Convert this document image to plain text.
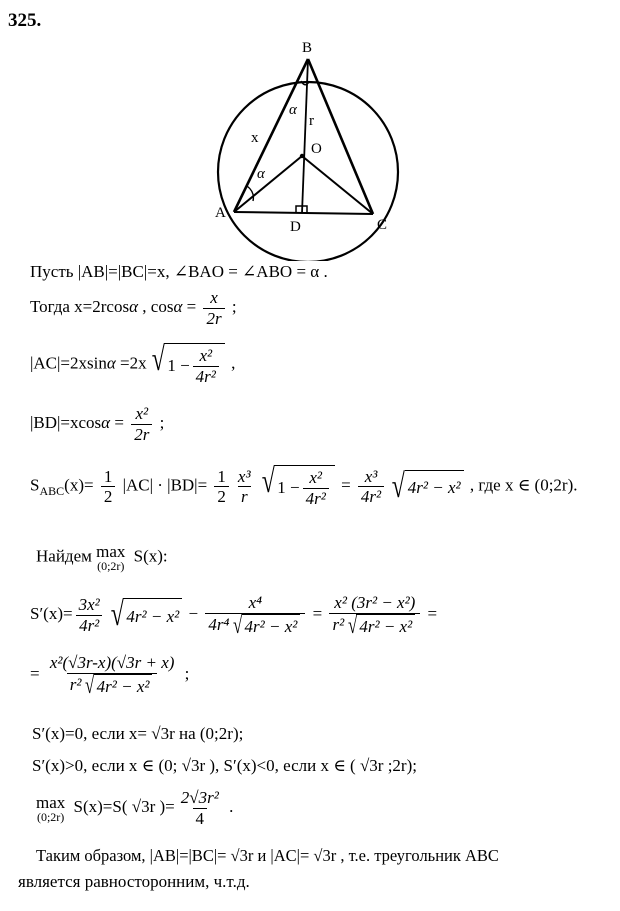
325.
B
O
A
C
D
x
r
α
α
Пусть |AB|=|BC|=x, ∠BAO = ∠ABO = α .
Тогда x=2rcosα , $\cos\alpha = \frac{x}{2r}$ ;
|AC|=2xsinα =2x √ $1 - \frac{\text{x²}}{\text{4r²}}$ ,
$|BD|=xcos\alpha = \frac{\text{x²}}{2r}$ ;
$S_{ABC}(x)= \frac{1}{2} |AC| \cdot |BD|= \frac{1}{2} \frac{\text{x³}}{r}$ √ $1 - \frac{\text{x²}}{\text{4r²}} = \frac{\text{x³}}{\text{4r²}}$ √ 4r² − x² , где x ∈ (0;2r).
Найдем max
(0;2r)
S(x):
$S'(x)= \frac{\text{3x²}}{\text{4r²}}$ √ $4r^2 - x^2 - \frac{\text{x⁴}}{\text{4r⁴ √ 4r² − x²}} = \frac{\text{x² (3r² − x²)}}{\text{r² √ 4r² − x²}}$ =
= $\frac{\text{x²(√3r-x)(√3r + x)}}{\text{r² √ 4r² − x²}}$ ;
S′(x)=0, если x= √3r на (0;2r);
S′(x)>0, если x ∈ (0; √3r ), S′(x)<0, если x ∈ ( √3r ;2r);
max
(0;2r)
S(x)=S( √3r )= $\frac{\text{2√3r²}}{4}$ .
Таким образом, |AB|=|BC|= √3r и |AC|= √3r , т.е. треугольник ABC
является равносторонним, ч.т.д.
